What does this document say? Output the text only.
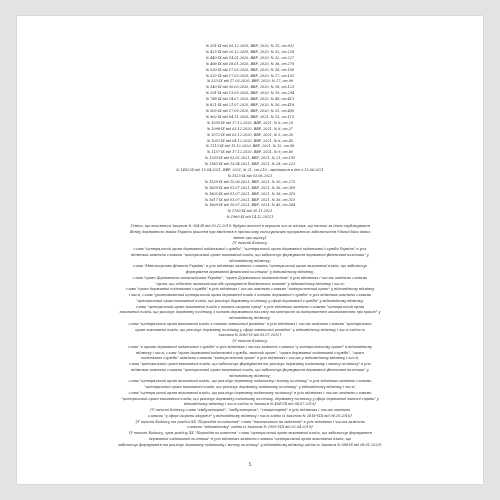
№ 391-IX від 05.12.2019, ВВР, 2020, № 15, ст.93}
№ 425-IX від 20.12.2019, ВВР, 2020, № 32, ст.228
№ 440-IX від 14.01.2020, ВВР, 2020, № 32, ст.227
№ 466-IX від 16.01.2020, ВВР, 2020, № 36, ст.276
№ 530-IX від 17.03.2020, ВВР, 2020, № 16, ст.100
№ 532-IX від 17.03.2020, ВВР, 2020, № 17, ст.101
№ 533-IX від 17.03.2020, ВВР, 2020, № 17, ст.99
№ 540-IX від 30.03.2020, ВВР, 2020, № 18, ст.123
№ 591-IX від 13.05.2020, ВВР, 2020, № 19, ст.294
№ 786-IX від 14.07.2020, ВВР, 2020, № 49, ст.413
№ 821-IX від 21.07.2020, ВВР, 2020, № 50, ст.418
№ 903-IX від 17.09.2020, ВВР, 2020, № 51, ст.490
№ 962-IX від 04.11.2020, ВВР, 2021, № 13, ст.115
№ 1095-IX від 17.12.2020, ВВР, 2021, № 6, ст.29
№ 1098-IX від 03.12.2020, ВВР, 2021, № 6, ст.37
№ 1072-IX від 03.12.2020, ВВР, 2021, № 5, ст.30
№ 1052-IX від 04.12.2020, ВВР, 2021, № 6, ст.45
№ 1115-IX від 15.12.2020, ВВР, 2021, № 12, ст.98
№ 1157-IX від 17.12.2020, ВВР, 2021, № 9, ст.60
№ 1295-IX від 03.02.2021, ВВР, 2021, № 21, ст.195
№ 1383-IX від 13.04.2021, ВВР, 2021, № 28, ст.223
№ 1462-IX від 15.04.2021, ВВР, 2021, № 21, ст.210 – вводиться в дію з 15.06.2021
№ 1525-IX від 03.06.2021
№ 1539-IX від 15.06.2021, ВВР, 2021, № 30, ст.273
№ 1609-IX від 01.07.2021, ВВР, 2021, № 36, ст.309
№ 1605-IX від 01.07.2021, ВВР, 2021, № 38, ст.319
№ 1617-IX від 01.07.2021, ВВР, 2021, № 36, ст.315
№ 1669-IX від 15.07.2021, ВВР, 2021, № 45, ст.364
№ 1793-IX від 30.11.2021
№ 1960-IX від 14.12.2021}
{Зміни, що вносяться Законом № 354-IX від 05.12.2019, будуть внесені в першого числа місяця, що настає за днем опублікування
Фонду державного майна України рішення про введення в промислову експлуатацію програмного забезпечення Єдиної бази даних
звітів про оцінку}
{У тексті Кодексу:
слова "центральний орган державної податкової служби", "центральний орган державної податкової служби України" в усіх
відмінках замінено словами "центральний орган виконавчої влади, що забезпечує формування державної фінансової політики" у
відповідному відмінку;
слова "Міністерство фінансів України" в усіх відмінках замінено словами "центральний орган виконавчої влади, що забезпечує
формування державної фінансової політики" у відповідному відмінку;
слова "орган Державного казначейства України", "орган Державного казначейства" в усіх відмінках і числах замінено словами
"орган, що здійснює казначейське обслуговування бюджетних коштів" у відповідному відмінку і числі;
слова "орган державної податкової служби" в усіх відмінках і числах замінено словами "контролюючий орган" у відповідному відмінку
і числі; слова "уповноважений центральний орган державної влади з питань державної служби" в усіх відмінках замінено словами
"центральний орган виконавчої влади, що реалізує державну політику у сфері державної служби" у відповідному відмінку;
слова "центральний орган виконавчої влади з питань охорони праці" в усіх відмінках замінено словами "центральний орган
виконавчої влади, що реалізує державну політику з питань державного нагляду та контролю за додержанням законодавства про працю" у
відповідному відмінку;
слова "центральний орган виконавчої влади з питань зовнішньої розвідки" в усіх відмінках і числах замінено словами "центральний
орган виконавчої влади, що реалізує державну політику у сфері зовнішньої розвідки" у відповідному відмінку і числі згідно із
Законом № 5083-VI від 05.07.2012}
{У тексті Кодексу:
слова "в органи державної податкової служби" в усіх відмінках і числах замінено словами "у контролюючому органі" в відповідному
відмінку і числі; слова "орган державної податкової служби, митний орган", "орган державної податкової служби", "орган
податкової служби" замінено словами "контролюючий орган" в усіх відмінках і числах у відповідному відмінку і числі;
слова "центральний орган виконавчої влади, що забезпечує формування та реалізує державну податкову і митну політику" в усіх
відмінках замінено словами "центральний орган виконавчої влади, що забезпечує формування державної фінансової політики" у
відповідному відмінку;
слова "центральний орган виконавчої влади, що реалізує державну податкову і митну політику" в усіх відмінках замінено словами
"центральний орган виконавчої влади, що реалізує державну податкову політику" у відповідному відмінку і числі;
слова "центральний орган виконавчої влади, що реалізує державну податкову політику" в усіх відмінках і числах замінено словами
"центральний орган виконавчої влади, що реалізує державну податкову політику, державну політику у сфері державної митної справи" у
відповідному відмінку і числі згідно із Законом № 404-VII від 04.07.2013}
{У тексті Кодексу слова "амбулаторній", "амбулаторних", "стаціонарній" в усіх відмінках і числах замінено
словами "у сфері охорони здоров'я" у відповідному відмінку і числі згідно із Законом № 1618-VIII від 06.10.2016}
{У тексті Кодексу та розділі XX "Перехідні положення" слова "тимчасового на зайнятій" в усіх відмінках і числах замінено
словами "відповідному" згідно із Законом № 1909-VIII від 02.04.2019}
{У тексті Кодексу, крім розділу XX "Перехідні положення" слова "центральний орган виконавчої влади, що забезпечує формування
державної податкової політики" в усіх відмінках замінено словами "центральний орган виконавчої влади, що
забезпечує формування та реалізує державну податкову і митну політику" у відповідному відмінку згідно із Законом № 588-IX від 08.01.2020}
5
